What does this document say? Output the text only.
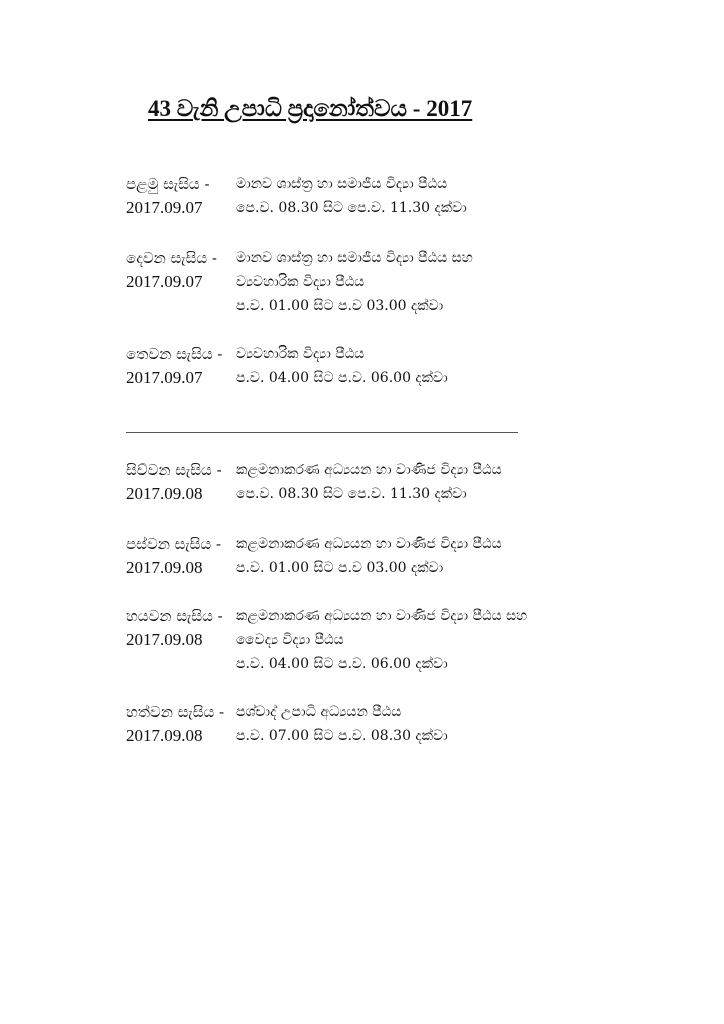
43 වැනි උපාධි ප්‍රදානෝත්වය - 2017
පළමු සැසිය -	මානව ශාස්ත්‍ර හා සමාජීය විද්‍යා පීඨය
2017.09.07	පෙ.ව. 08.30 සිට පෙ.ව. 11.30 දක්වා
දෙවන සැසිය -	මානව ශාස්ත්‍ර හා සමාජීය විද්‍යා පීඨය සහ
2017.09.07	ව්‍යවහාරික විද්‍යා පීඨය
ප.ව. 01.00 සිට ප.ව 03.00 දක්වා
තෙවන සැසිය - ව්‍යවහාරික විද්‍යා පීඨය
2017.09.07	ප.ව. 04.00 සිට ප.ව. 06.00 දක්වා
සිව්වන සැසිය -	කළමනාකරණ අධ්‍යයන හා වාණිජ විද්‍යා පීඨය
2017.09.08	පෙ.ව. 08.30 සිට පෙ.ව. 11.30 දක්වා
පස්වන සැසිය -	කළමනාකරණ අධ්‍යයන හා වාණිජ විද්‍යා පීඨය
2017.09.08	ප.ව. 01.00 සිට ප.ව 03.00 දක්වා
හයවන සැසිය - කළමනාකරණ අධ්‍යයන හා වාණිජ විද්‍යා පීඨය සහ
2017.09.08	වෛද්‍ය විද්‍යා පීඨය
ප.ව. 04.00 සිට ප.ව. 06.00 දක්වා
හත්වන සැසිය - පශ්චාද් උපාධි අධ්‍යයන පීඨය
2017.09.08	ප.ව. 07.00 සිට ප.ව. 08.30 දක්වා
